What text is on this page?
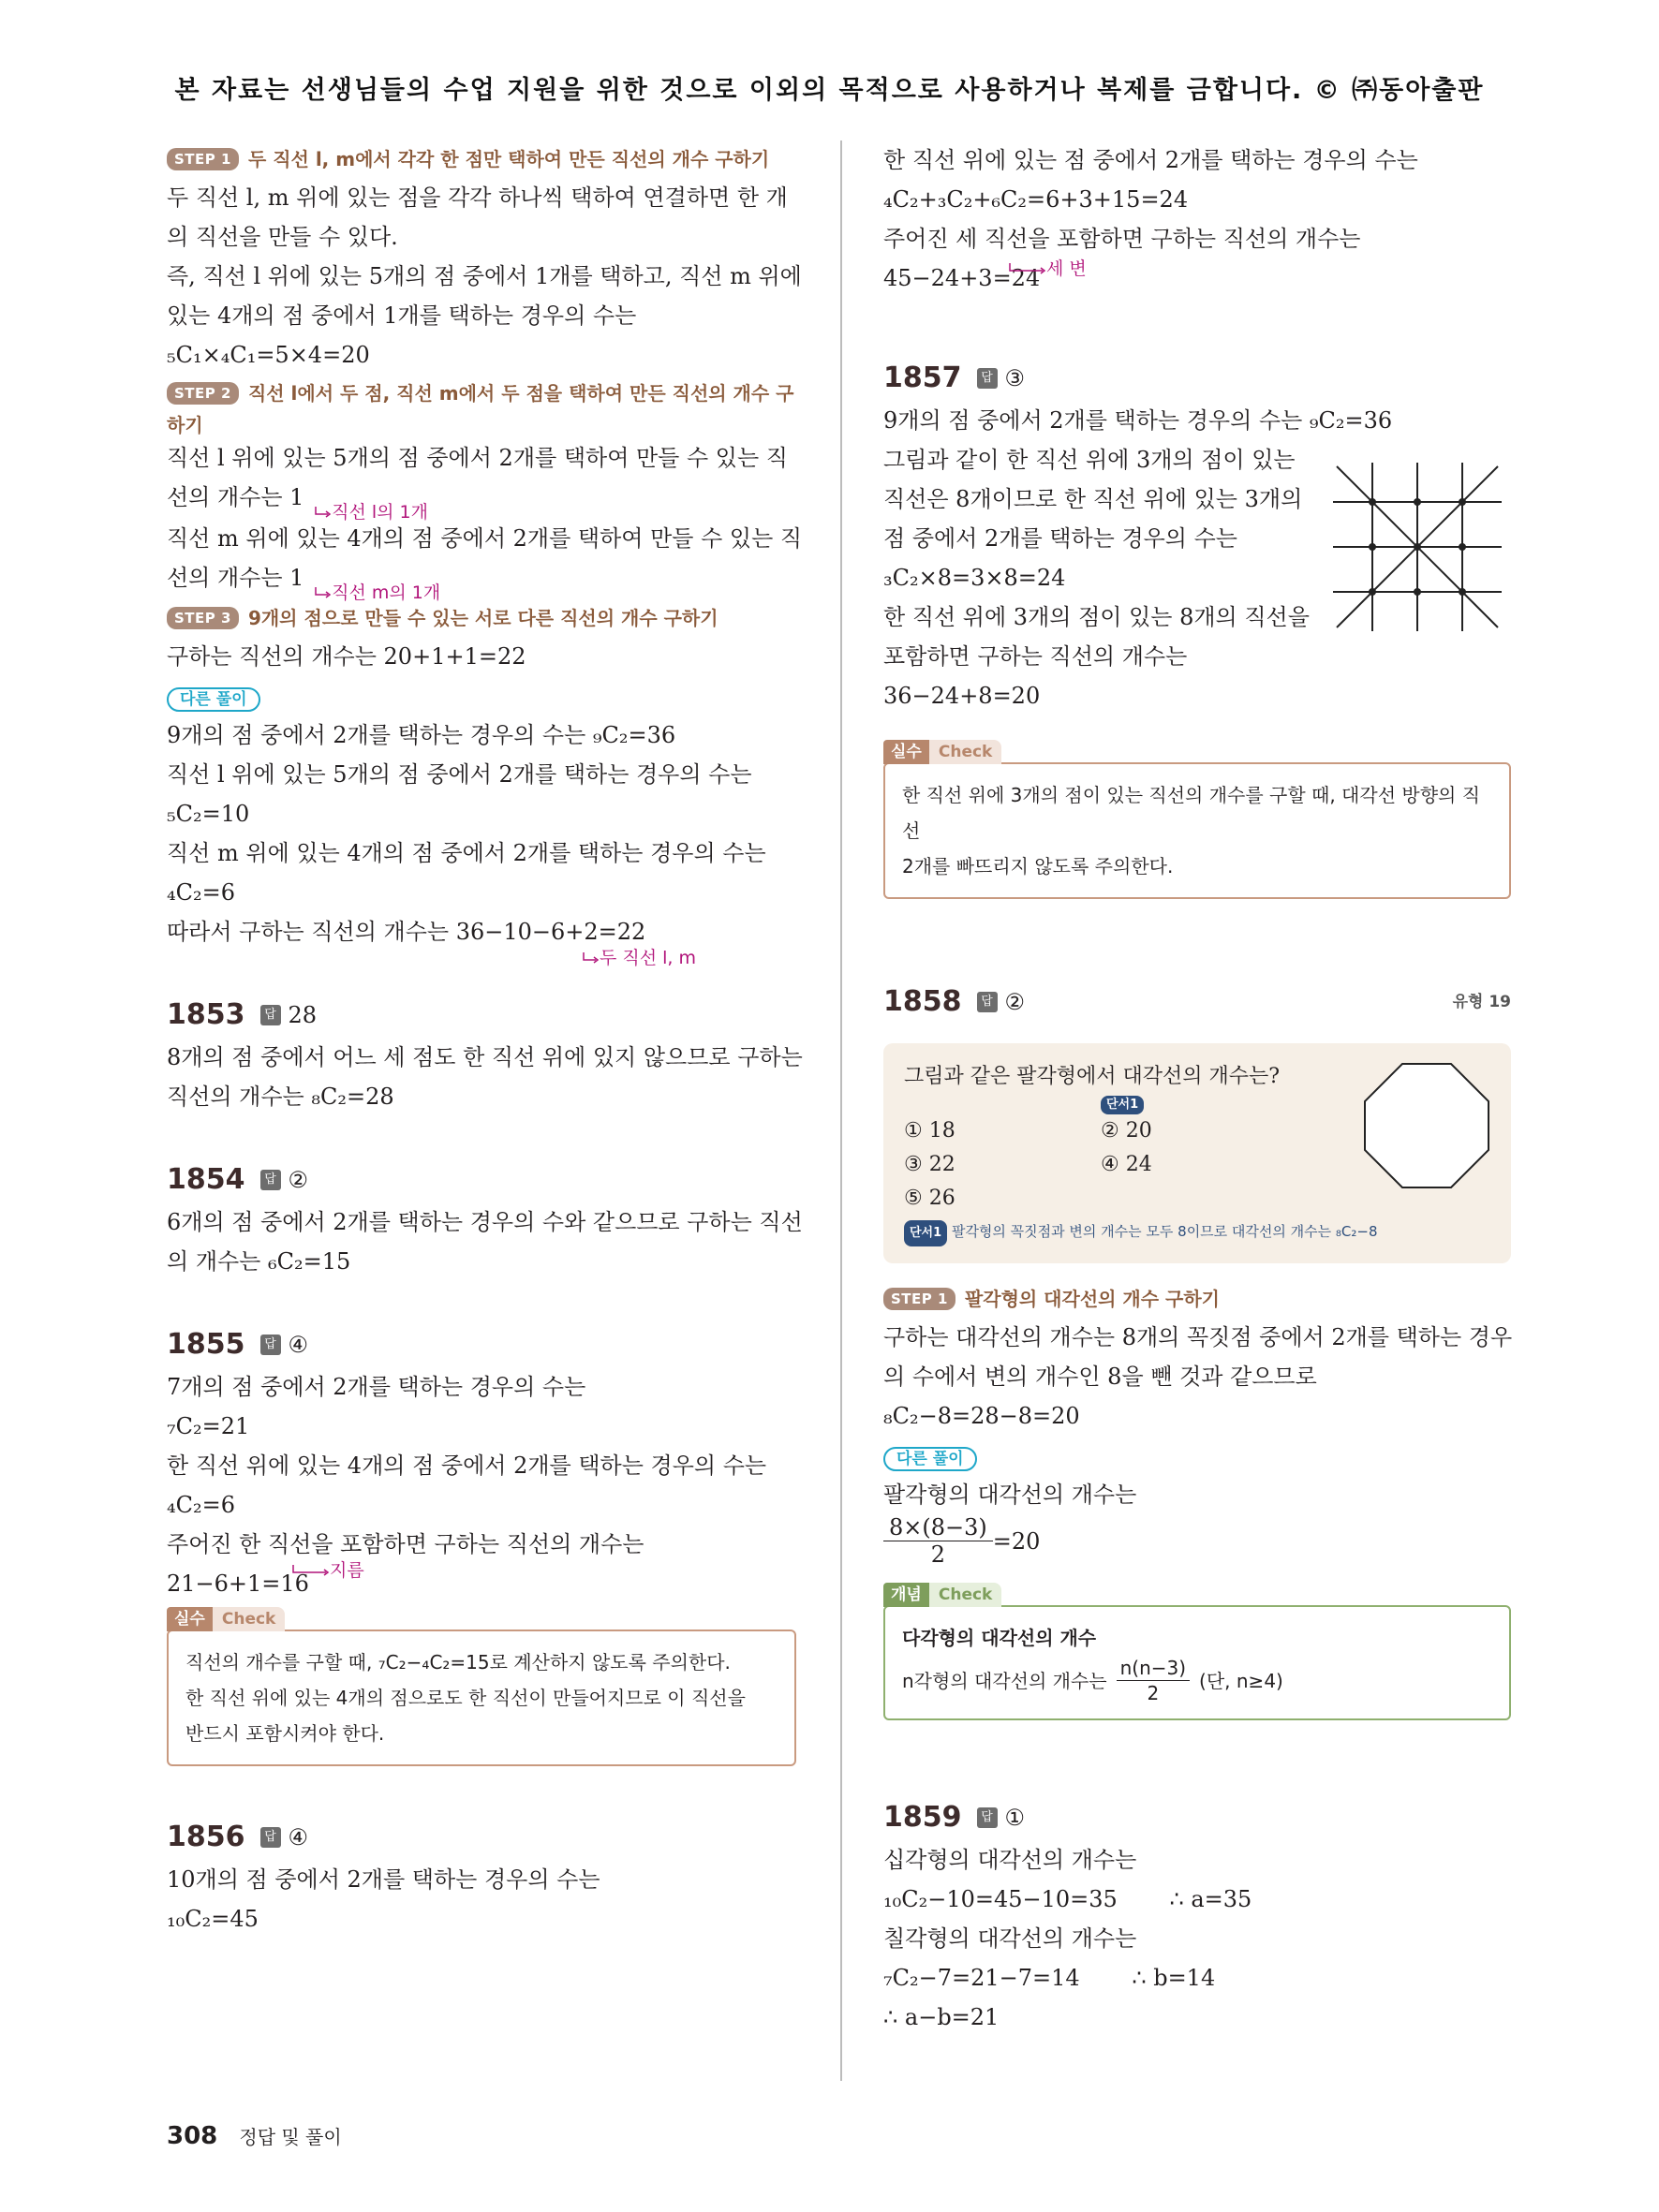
본 자료는 선생님들의 수업 지원을 위한 것으로 이외의 목적으로 사용하거나 복제를 금합니다. © ㈜동아출판
STEP 1 두 직선 l, m에서 각각 한 점만 택하여 만든 직선의 개수 구하기
두 직선 l, m 위에 있는 점을 각각 하나씩 택하여 연결하면 한 개
의 직선을 만들 수 있다.
즉, 직선 l 위에 있는 5개의 점 중에서 1개를 택하고, 직선 m 위에
있는 4개의 점 중에서 1개를 택하는 경우의 수는
₅C₁×₄C₁=5×4=20
STEP 2 직선 l에서 두 점, 직선 m에서 두 점을 택하여 만든 직선의 개수 구
하기
직선 l 위에 있는 5개의 점 중에서 2개를 택하여 만들 수 있는 직
선의 개수는 1 직선 l의 1개
직선 m 위에 있는 4개의 점 중에서 2개를 택하여 만들 수 있는 직
선의 개수는 1 직선 m의 1개
STEP 3 9개의 점으로 만들 수 있는 서로 다른 직선의 개수 구하기
구하는 직선의 개수는 20+1+1=22
다른 풀이
9개의 점 중에서 2개를 택하는 경우의 수는 ₉C₂=36
직선 l 위에 있는 5개의 점 중에서 2개를 택하는 경우의 수는
₅C₂=10
직선 m 위에 있는 4개의 점 중에서 2개를 택하는 경우의 수는
₄C₂=6
따라서 구하는 직선의 개수는 36−10−6+2=22
두 직선 l, m
1853	답 28
8개의 점 중에서 어느 세 점도 한 직선 위에 있지 않으므로 구하는
직선의 개수는 ₈C₂=28
1854	답 ②
6개의 점 중에서 2개를 택하는 경우의 수와 같으므로 구하는 직선
의 개수는 ₆C₂=15
1855	답 ④
7개의 점 중에서 2개를 택하는 경우의 수는
₇C₂=21
한 직선 위에 있는 4개의 점 중에서 2개를 택하는 경우의 수는
₄C₂=6
주어진 한 직선을 포함하면 구하는 직선의 개수는
지름
21−6+1=16
실수	Check
직선의 개수를 구할 때, ₇C₂−₄C₂=15로 계산하지 않도록 주의한다.
한 직선 위에 있는 4개의 점으로도 한 직선이 만들어지므로 이 직선을
반드시 포함시켜야 한다.
1856	답 ④
10개의 점 중에서 2개를 택하는 경우의 수는
₁₀C₂=45
한 직선 위에 있는 점 중에서 2개를 택하는 경우의 수는
₄C₂+₃C₂+₆C₂=6+3+15=24
주어진 세 직선을 포함하면 구하는 직선의 개수는
45−24+3=24 세 변
1857	답 ③
9개의 점 중에서 2개를 택하는 경우의 수는 ₉C₂=36
그림과 같이 한 직선 위에 3개의 점이 있는
직선은 8개이므로 한 직선 위에 있는 3개의
점 중에서 2개를 택하는 경우의 수는
₃C₂×8=3×8=24
한 직선 위에 3개의 점이 있는 8개의 직선을
포함하면 구하는 직선의 개수는
36−24+8=20
실수	Check
한 직선 위에 3개의 점이 있는 직선의 개수를 구할 때, 대각선 방향의 직선
2개를 빠뜨리지 않도록 주의한다.
1858	답 ②	유형 19
그림과 같은 팔각형에서 대각선의 개수는?
단서1
① 18	② 20
③ 22	④ 24
⑤ 26
단서1 팔각형의 꼭짓점과 변의 개수는 모두 8이므로 대각선의 개수는 ₈C₂−8
STEP 1 팔각형의 대각선의 개수 구하기
구하는 대각선의 개수는 8개의 꼭짓점 중에서 2개를 택하는 경우
의 수에서 변의 개수인 8을 뺀 것과 같으므로
₈C₂−8=28−8=20
다른 풀이
팔각형의 대각선의 개수는
$\frac{8\times(8-3)}{2} =20$
개념	Check
다각형의 대각선의 개수
n각형의 대각선의 개수는
n(n−3)
2
(단, n≥4)
1859	답 ①
십각형의 대각선의 개수는
₁₀C₂−10=45−10=35 ∴ a=35
칠각형의 대각선의 개수는
₇C₂−7=21−7=14 ∴ b=14
∴ a−b=21
308 정답 및 풀이
